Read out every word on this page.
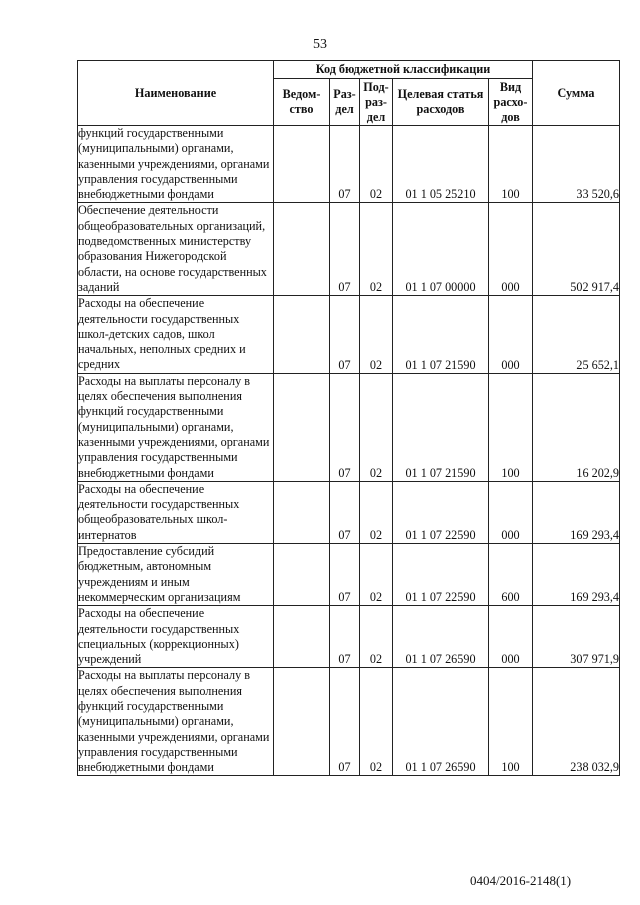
53
Наименование	Код бюджетной классификации					Сумма
	Ведом-ство	Раз-дел	Под-раз-дел	Целевая статья расходов	Вид расхо-дов	
функций государственными (муниципальными) органами, казенными учреждениями, органами управления государственными внебюджетными фондами		07	02	01 1 05 25210	100	33 520,6
Обеспечение деятельности общеобразовательных организаций, подведомственных министерству образования Нижегородской области, на основе государственных заданий		07	02	01 1 07 00000	000	502 917,4
Расходы на обеспечение деятельности государственных школ-детских садов, школ начальных, неполных средних и средних		07	02	01 1 07 21590	000	25 652,1
Расходы на выплаты персоналу в целях обеспечения выполнения функций государственными (муниципальными) органами, казенными учреждениями, органами управления государственными внебюджетными фондами		07	02	01 1 07 21590	100	16 202,9
Расходы на обеспечение деятельности государственных общеобразовательных школ-интернатов		07	02	01 1 07 22590	000	169 293,4
Предоставление субсидий бюджетным, автономным учреждениям и иным некоммерческим организациям		07	02	01 1 07 22590	600	169 293,4
Расходы на обеспечение деятельности государственных специальных (коррекционных) учреждений		07	02	01 1 07 26590	000	307 971,9
Расходы на выплаты персоналу в целях обеспечения выполнения функций государственными (муниципальными) органами, казенными учреждениями, органами управления государственными внебюджетными фондами		07	02	01 1 07 26590	100	238 032,9
0404/2016-2148(1)
